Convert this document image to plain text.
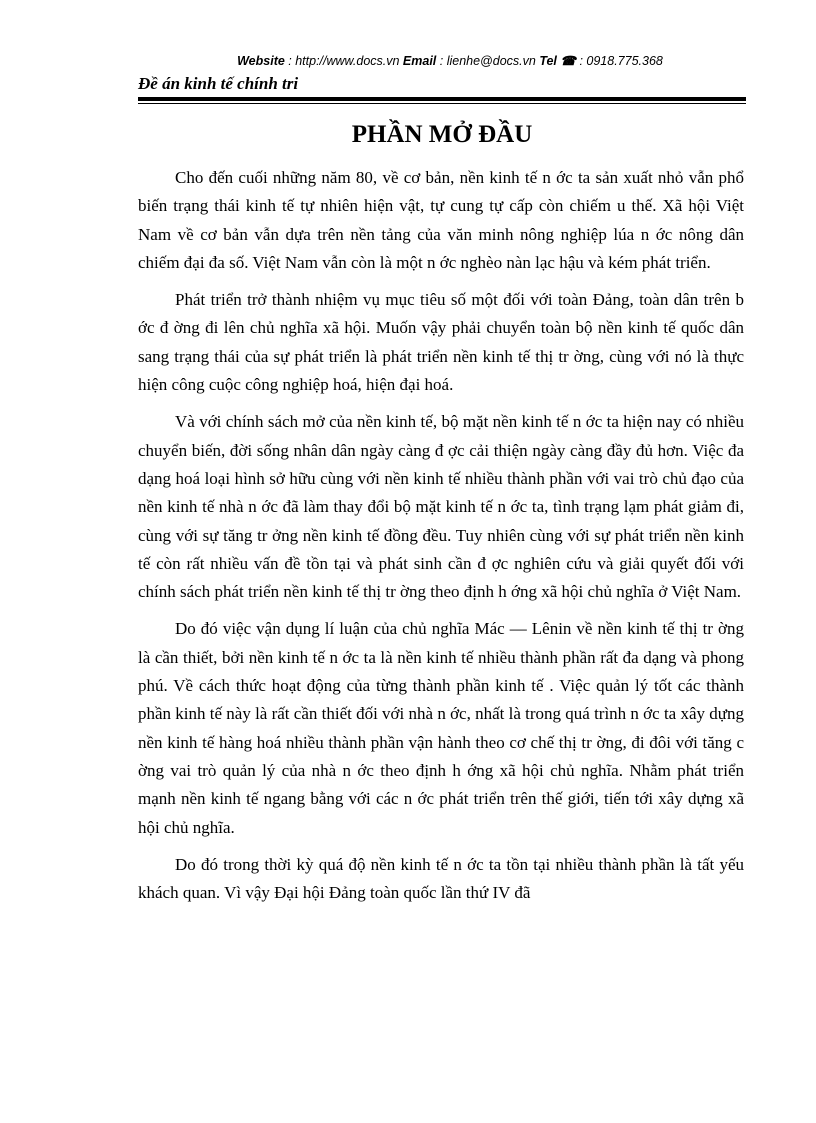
Website : http://www.docs.vn Email : lienhe@docs.vn Tel ☎ : 0918.775.368
Đề án kinh tế chính tri
PHẦN MỞ ĐẦU

Cho đến cuối những năm 80, về cơ bản, nền kinh tế n ớc ta sản xuất nhỏ vẫn phổ biến trạng thái kinh tế tự nhiên hiện vật, tự cung tự cấp còn chiếm u thế. Xã hội Việt Nam về cơ bản vẫn dựa trên nền tảng của văn minh nông nghiệp lúa n ớc nông dân chiếm đại đa số. Việt Nam vẫn còn là một n ớc nghèo nàn lạc hậu và kém phát triển.

Phát triển trở thành nhiệm vụ mục tiêu số một đối với toàn Đảng, toàn dân trên b ớc đ ờng đi lên chủ nghĩa xã hội. Muốn vậy phải chuyển toàn bộ nền kinh tế quốc dân sang trạng thái của sự phát triển là phát triển nền kinh tế thị tr ờng, cùng với nó là thực hiện công cuộc công nghiệp hoá, hiện đại hoá.

Và với chính sách mở của nền kinh tế, bộ mặt nền kinh tế n ớc ta hiện nay có nhiều chuyển biến, đời sống nhân dân ngày càng đ ợc cải thiện ngày càng đầy đủ hơn. Việc đa dạng hoá loại hình sở hữu cùng với nền kinh tế nhiều thành phần với vai trò chủ đạo của nền kinh tế nhà n ớc đã làm thay đổi bộ mặt kinh tế n ớc ta, tình trạng lạm phát giảm đi, cùng với sự tăng tr ởng nền kinh tế đồng đều. Tuy nhiên cùng với sự phát triển nền kinh tế còn rất nhiều vấn đề tồn tại và phát sinh cần đ ợc nghiên cứu và giải quyết đối với chính sách phát triển nền kinh tế thị tr ờng theo định h ớng xã hội chủ nghĩa ở Việt Nam.

Do đó việc vận dụng lí luận của chủ nghĩa Mác — Lênin về nền kinh tế thị tr ờng là cần thiết, bởi nền kinh tế n ớc ta là nền kinh tế nhiều thành phần rất đa dạng và phong phú. Về cách thức hoạt động của từng thành phần kinh tế . Việc quản lý tốt các thành phần kinh tế này là rất cần thiết đối với nhà n ớc, nhất là trong quá trình n ớc ta xây dựng nền kinh tế hàng hoá nhiều thành phần vận hành theo cơ chế thị tr ờng, đi đôi với tăng c ờng vai trò quản lý của nhà n ớc theo định h ớng xã hội chủ nghĩa. Nhằm phát triển mạnh nền kinh tế ngang bằng với các n ớc phát triển trên thế giới, tiến tới xây dựng xã hội chủ nghĩa.

Do đó trong thời kỳ quá độ nền kinh tế n ớc ta tồn tại nhiều thành phần là tất yếu khách quan. Vì vậy Đại hội Đảng toàn quốc lần thứ IV đã
